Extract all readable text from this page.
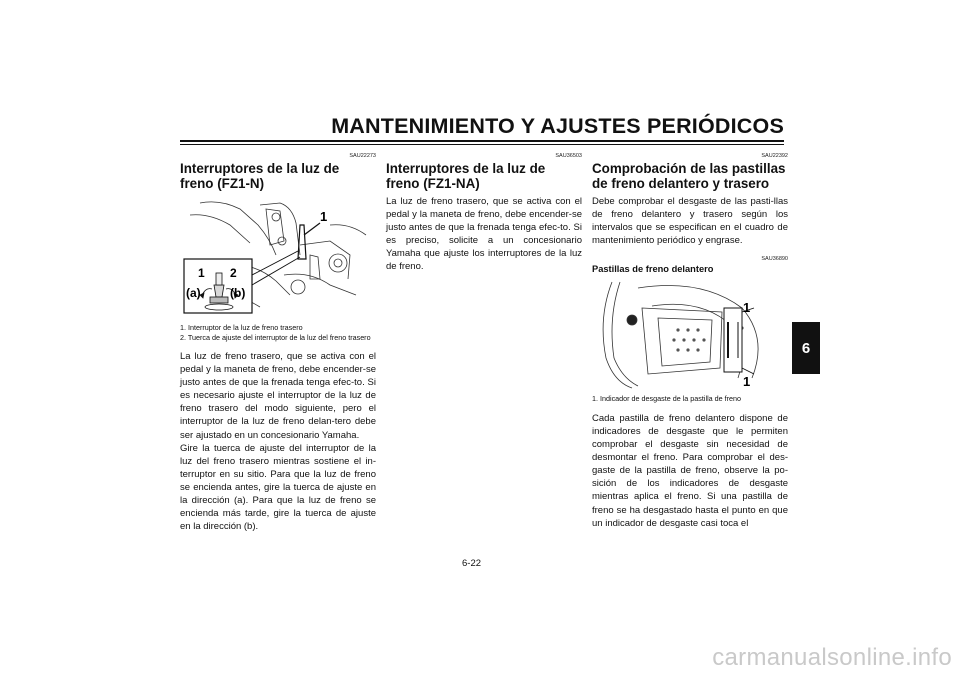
MANTENIMIENTO Y AJUSTES PERIÓDICOS
6
SAU22273
Interruptores de la luz de freno (FZ1-N)
1
1 2
(a) (b)
1. Interruptor de la luz de freno trasero
2. Tuerca de ajuste del interruptor de la luz del freno trasero

La luz de freno trasero, que se activa con el pedal y la maneta de freno, debe encender-se justo antes de que la frenada tenga efec-to. Si es necesario ajuste el interruptor de la luz de freno trasero del modo siguiente, pero el interruptor de la luz de freno delan-tero debe ser ajustado en un concesionario Yamaha.

Gire la tuerca de ajuste del interruptor de la luz del freno trasero mientras sostiene el in-terruptor en su sitio. Para que la luz de freno se encienda antes, gire la tuerca de ajuste en la dirección (a). Para que la luz de freno se encienda más tarde, gire la tuerca de ajuste en la dirección (b).

SAU36503
Interruptores de la luz de freno (FZ1-NA)

La luz de freno trasero, que se activa con el pedal y la maneta de freno, debe encender-se justo antes de que la frenada tenga efec-to. Si es preciso, solicite a un concesionario Yamaha que ajuste los interruptores de la luz de freno.

SAU22392
Comprobación de las pastillas de freno delantero y trasero

Debe comprobar el desgaste de las pasti-llas de freno delantero y trasero según los intervalos que se especifican en el cuadro de mantenimiento periódico y engrase.

SAU36890
Pastillas de freno delantero
1
1
1. Indicador de desgaste de la pastilla de freno

Cada pastilla de freno delantero dispone de indicadores de desgaste que le permiten comprobar el desgaste sin necesidad de desmontar el freno. Para comprobar el des-gaste de la pastilla de freno, observe la po-sición de los indicadores de desgaste mientras aplica el freno. Si una pastilla de freno se ha desgastado hasta el punto en que un indicador de desgaste casi toca el

6-22
carmanualsonline.info
